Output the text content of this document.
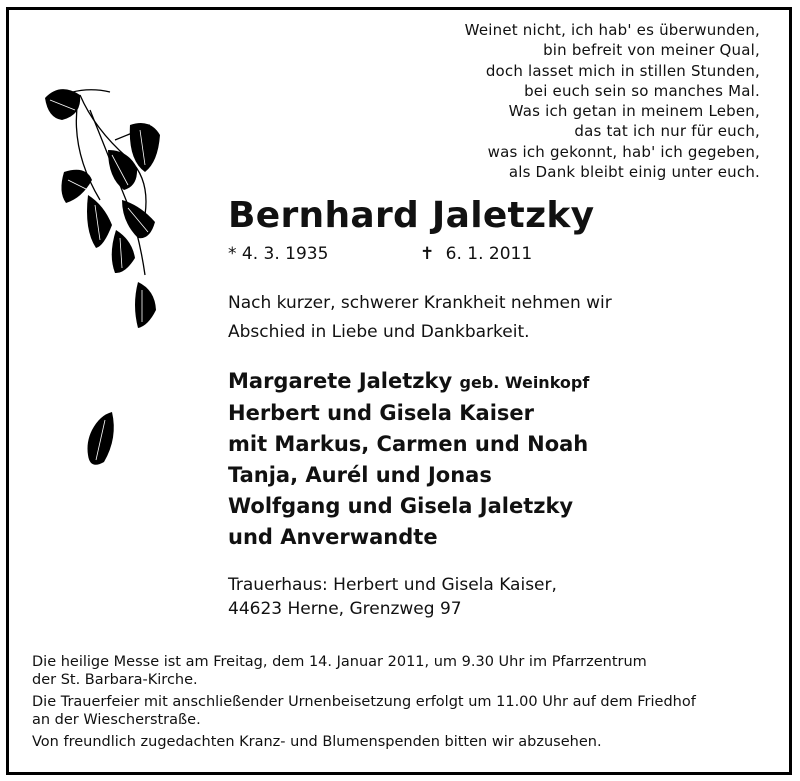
Weinet nicht, ich hab' es überwunden,
bin befreit von meiner Qual,
doch lasset mich in stillen Stunden,
bei euch sein so manches Mal.
Was ich getan in meinem Leben,
das tat ich nur für euch,
was ich gekonnt, hab' ich gegeben,
als Dank bleibt einig unter euch.
Bernhard Jaletzky
* 4. 3. 1935	✝ 6. 1. 2011
Nach kurzer, schwerer Krankheit nehmen wir
Abschied in Liebe und Dankbarkeit.
Margarete Jaletzky geb. Weinkopf
Herbert und Gisela Kaiser
mit Markus, Carmen und Noah
Tanja, Aurél und Jonas
Wolfgang und Gisela Jaletzky
und Anverwandte
Trauerhaus: Herbert und Gisela Kaiser,
44623 Herne, Grenzweg 97

Die heilige Messe ist am Freitag, dem 14. Januar 2011, um 9.30 Uhr im Pfarrzentrum
der St. Barbara-Kirche.

Die Trauerfeier mit anschließender Urnenbeisetzung erfolgt um 11.00 Uhr auf dem Friedhof
an der Wiescherstraße.

Von freundlich zugedachten Kranz- und Blumenspenden bitten wir abzusehen.
